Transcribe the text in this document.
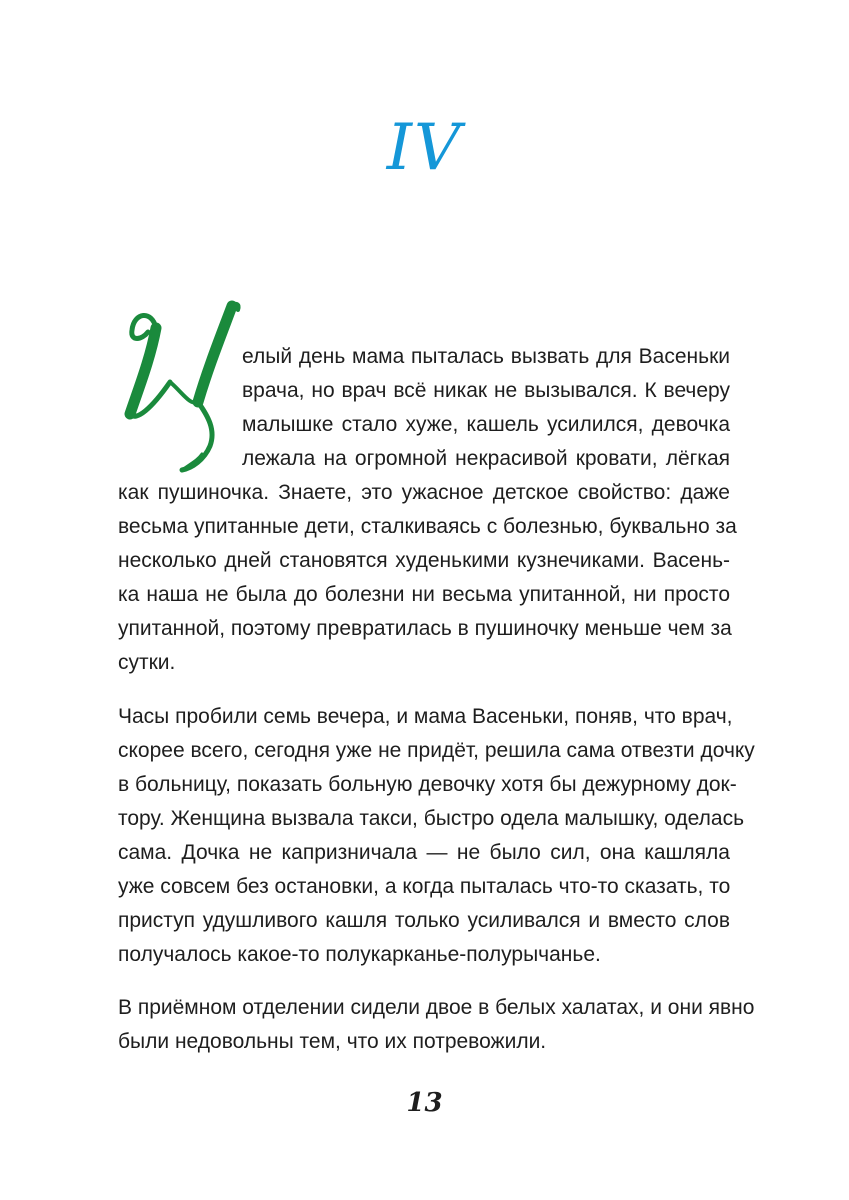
IV
елый день мама пыталась вызвать для Васеньки
врача, но врач всё никак не вызывался. К вечеру
малышке стало хуже, кашель усилился, девочка
лежала на огромной некрасивой кровати, лёгкая
как пушиночка. Знаете, это ужасное детское свойство: даже
весьма упитанные дети, сталкиваясь с болезнью, буквально за
несколько дней становятся худенькими кузнечиками. Васень-
ка наша не была до болезни ни весьма упитанной, ни просто
упитанной, поэтому превратилась в пушиночку меньше чем за
сутки.
Часы пробили семь вечера, и мама Васеньки, поняв, что врач,
скорее всего, сегодня уже не придёт, решила сама отвезти дочку
в больницу, показать больную девочку хотя бы дежурному док-
тору. Женщина вызвала такси, быстро одела малышку, оделась
сама. Дочка не капризничала — не было сил, она кашляла
уже совсем без остановки, а когда пыталась что-то сказать, то
приступ удушливого кашля только усиливался и вместо слов
получалось какое-то полукарканье-полурычанье.
В приёмном отделении сидели двое в белых халатах, и они явно
были недовольны тем, что их потревожили.
13
